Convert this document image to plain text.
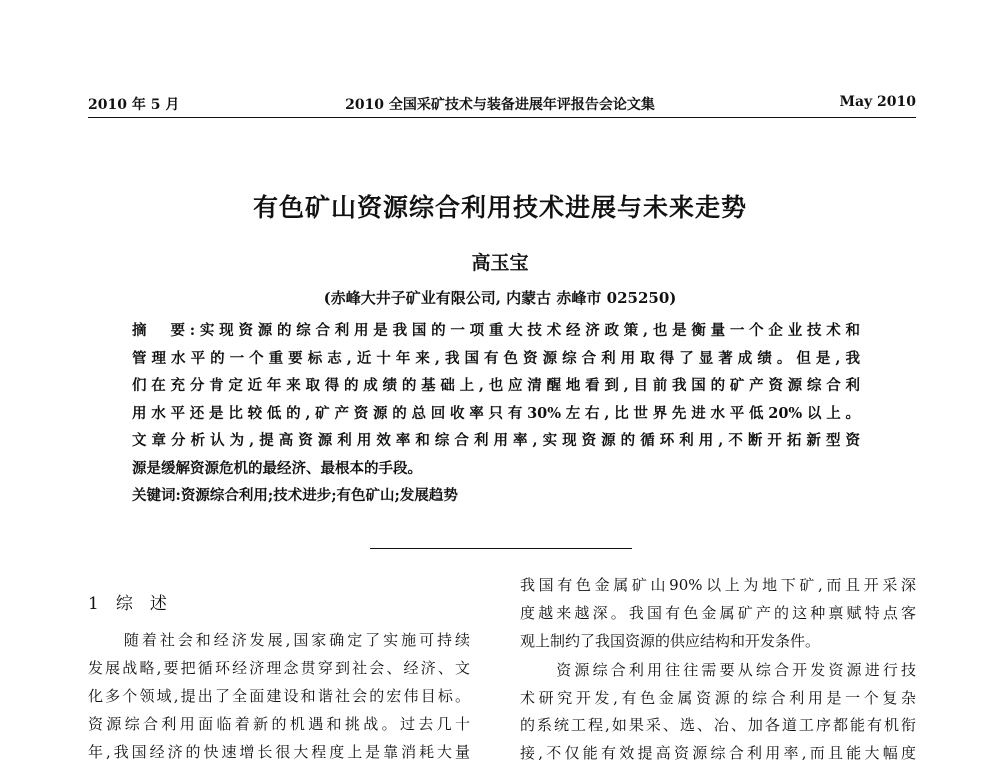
2010 年 5 月	2010 全国采矿技术与装备进展年评报告会论文集	May 2010
有色矿山资源综合利用技术进展与未来走势
高玉宝
(赤峰大井子矿业有限公司, 内蒙古 赤峰市 025250)
摘　要:实现资源的综合利用是我国的一项重大技术经济政策,也是衡量一个企业技术和
管理水平的一个重要标志,近十年来,我国有色资源综合利用取得了显著成绩。但是,我
们在充分肯定近年来取得的成绩的基础上,也应清醒地看到,目前我国的矿产资源综合利
用水平还是比较低的,矿产资源的总回收率只有30%左右,比世界先进水平低20%以上。
文章分析认为,提高资源利用效率和综合利用率,实现资源的循环利用,不断开拓新型资
源是缓解资源危机的最经济、最根本的手段。
关键词:资源综合利用;技术进步;有色矿山;发展趋势
1　综　述
　　随着社会和经济发展,国家确定了实施可持续
发展战略,要把循环经济理念贯穿到社会、经济、文
化多个领域,提出了全面建设和谐社会的宏伟目标。
资源综合利用面临着新的机遇和挑战。过去几十
年,我国经济的快速增长很大程度上是靠消耗大量
我国有色金属矿山90%以上为地下矿,而且开采深
度越来越深。我国有色金属矿产的这种禀赋特点客
观上制约了我国资源的供应结构和开发条件。
　　资源综合利用往往需要从综合开发资源进行技
术研究开发,有色金属资源的综合利用是一个复杂
的系统工程,如果采、选、冶、加各道工序都能有机衔
接,不仅能有效提高资源综合利用率,而且能大幅度
